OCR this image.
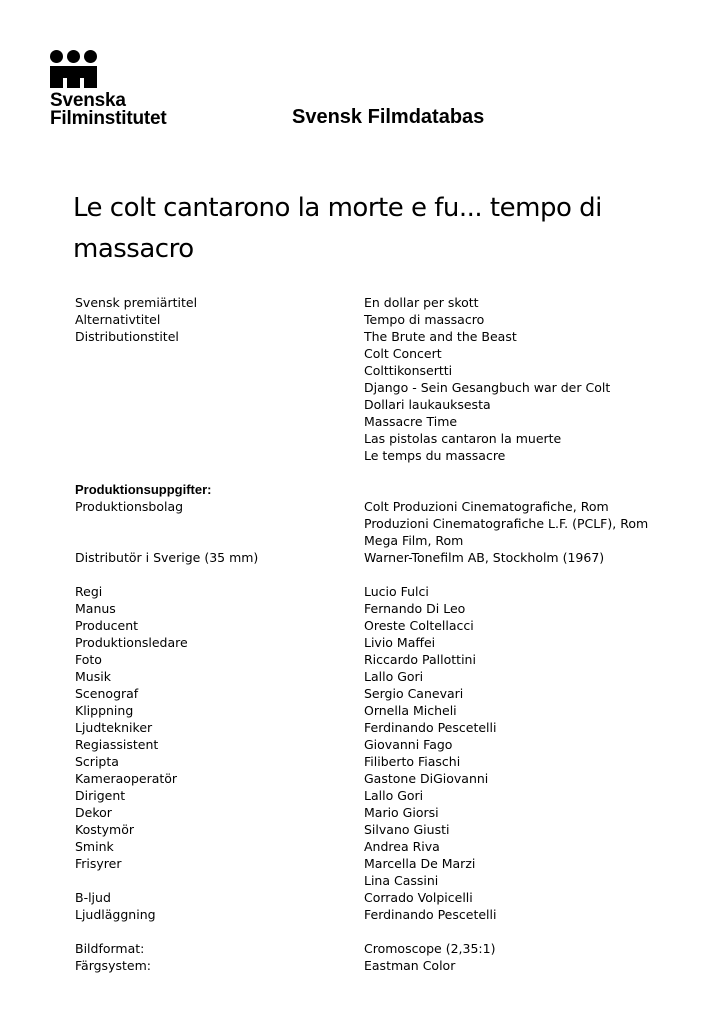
Svenska
Filminstitutet	Svensk Filmdatabas
Le colt cantarono la morte e fu... tempo di massacro
Svensk premiärtitel	En dollar per skott
Alternativtitel	Tempo di massacro
Distributionstitel	The Brute and the Beast
Colt Concert
Colttikonsertti
Django - Sein Gesangbuch war der Colt
Dollari laukauksesta
Massacre Time
Las pistolas cantaron la muerte
Le temps du massacre
Produktionsuppgifter:
Produktionsbolag	Colt Produzioni Cinematografiche, Rom
Produzioni Cinematografiche L.F. (PCLF), Rom
Mega Film, Rom
Distributör i Sverige (35 mm)	Warner-Tonefilm AB, Stockholm (1967)
Regi	Lucio Fulci
Manus	Fernando Di Leo
Producent	Oreste Coltellacci
Produktionsledare	Livio Maffei
Foto	Riccardo Pallottini
Musik	Lallo Gori
Scenograf	Sergio Canevari
Klippning	Ornella Micheli
Ljudtekniker	Ferdinando Pescetelli
Regiassistent	Giovanni Fago
Scripta	Filiberto Fiaschi
Kameraoperatör	Gastone DiGiovanni
Dirigent	Lallo Gori
Dekor	Mario Giorsi
Kostymör	Silvano Giusti
Smink	Andrea Riva
Frisyrer	Marcella De Marzi
Lina Cassini
B-ljud	Corrado Volpicelli
Ljudläggning	Ferdinando Pescetelli
Bildformat:	Cromoscope (2,35:1)
Färgsystem:	Eastman Color
